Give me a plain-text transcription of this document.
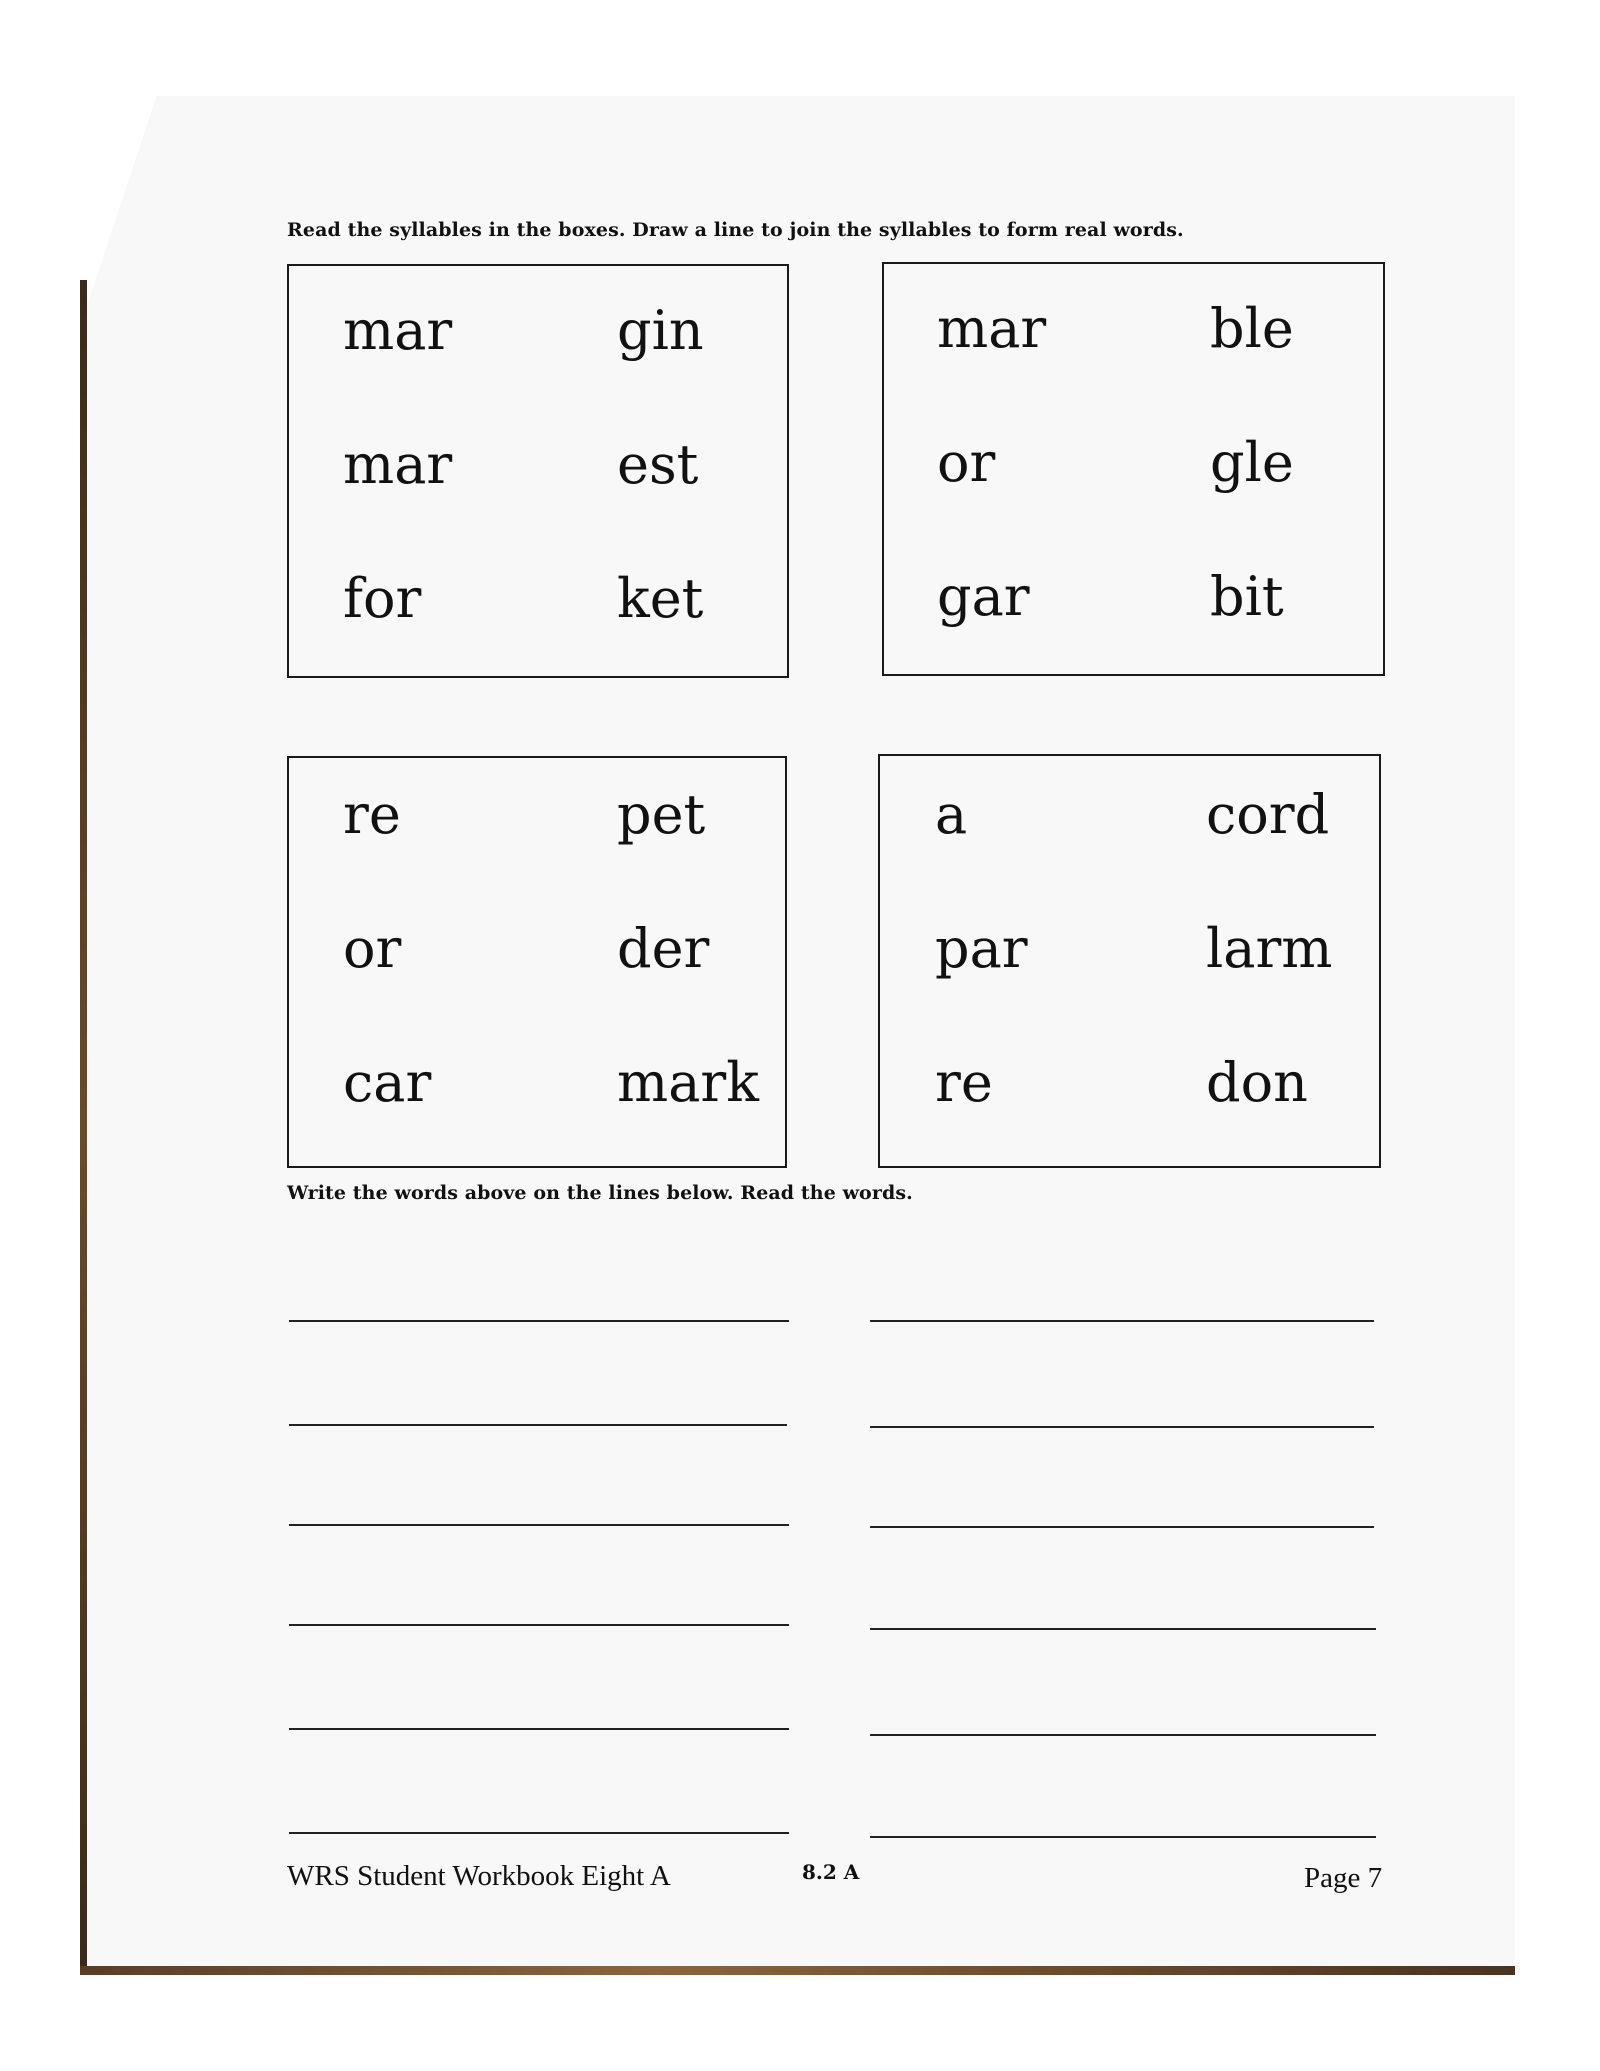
Read the syllables in the boxes. Draw a line to join the syllables to form real words.
mar
mar
for
gin
est
ket
mar
or
gar
ble
gle
bit
re
or
car
pet
der
mark
a
par
re
cord
larm
don
Write the words above on the lines below. Read the words.
WRS Student Workbook Eight A	8.2 A	Page 7
